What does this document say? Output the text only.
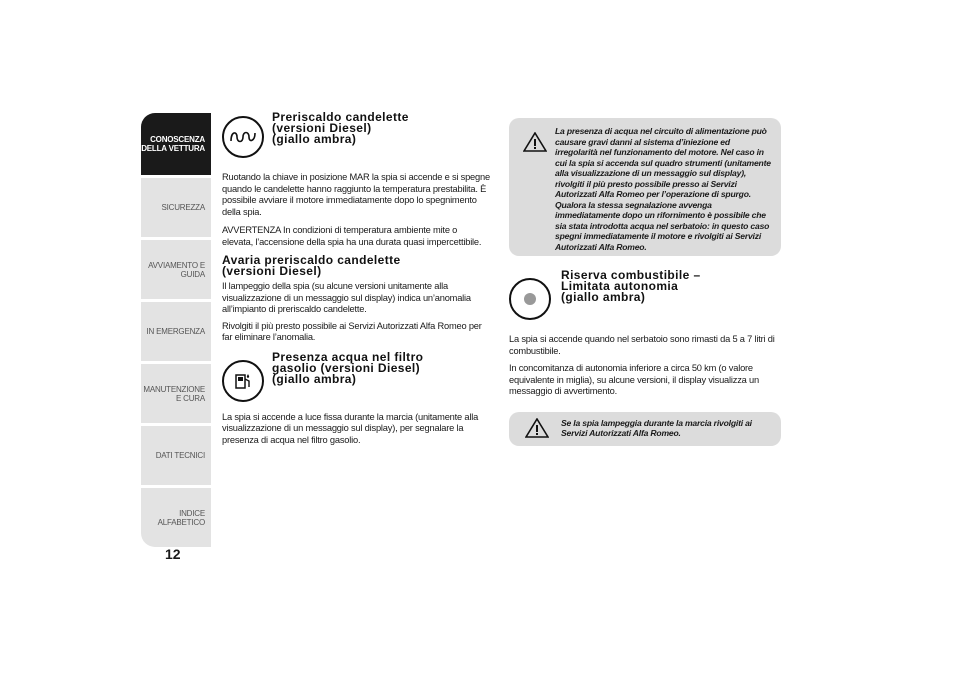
CONOSCENZA DELLA VETTURA
SICUREZZA
AVVIAMENTO E GUIDA
IN EMERGENZA
MANUTENZIONE E CURA
DATI TECNICI
INDICE ALFABETICO
12
Preriscaldo candelette
(versioni Diesel)
(giallo ambra)

Ruotando la chiave in posizione MAR la spia si accende e si spegne quando le candelette hanno raggiunto la temperatura prestabilita. È possibile avviare il motore immediatamente dopo lo spegnimento della spia.

AVVERTENZA In condizioni di temperatura ambiente mite o elevata, l’accensione della spia ha una durata quasi impercettibile.

Avaria preriscaldo candelette
(versioni Diesel)

Il lampeggio della spia (su alcune versioni unitamente alla visualizzazione di un messaggio sul display) indica un’anomalia all’impianto di preriscaldo candelette.

Rivolgiti il più presto possibile ai Servizi Autorizzati Alfa Romeo per far eliminare l’anomalia.

Presenza acqua nel filtro
gasolio (versioni Diesel)
(giallo ambra)

La spia si accende a luce fissa durante la marcia (unitamente alla visualizzazione di un messaggio sul display), per segnalare la presenza di acqua nel filtro gasolio.

La presenza di acqua nel circuito di alimentazione può causare gravi danni al sistema d’iniezione ed irregolarità nel funzionamento del motore. Nel caso in cui la spia si accenda sul quadro strumenti (unitamente alla visualizzazione di un messaggio sul display), rivolgiti il più presto possibile presso ai Servizi Autorizzati Alfa Romeo per l’operazione di spurgo. Qualora la stessa segnalazione avvenga immediatamente dopo un rifornimento è possibile che sia stata introdotta acqua nel serbatoio: in questo caso spegni immediatamente il motore e rivolgiti ai Servizi Autorizzati Alfa Romeo.
Riserva combustibile –
Limitata autonomia
(giallo ambra)

La spia si accende quando nel serbatoio sono rimasti da 5 a 7 litri di combustibile.

In concomitanza di autonomia inferiore a circa 50 km (o valore equivalente in miglia), su alcune versioni, il display visualizza un messaggio di avvertimento.

Se la spia lampeggia durante la marcia rivolgiti ai Servizi Autorizzati Alfa Romeo.
